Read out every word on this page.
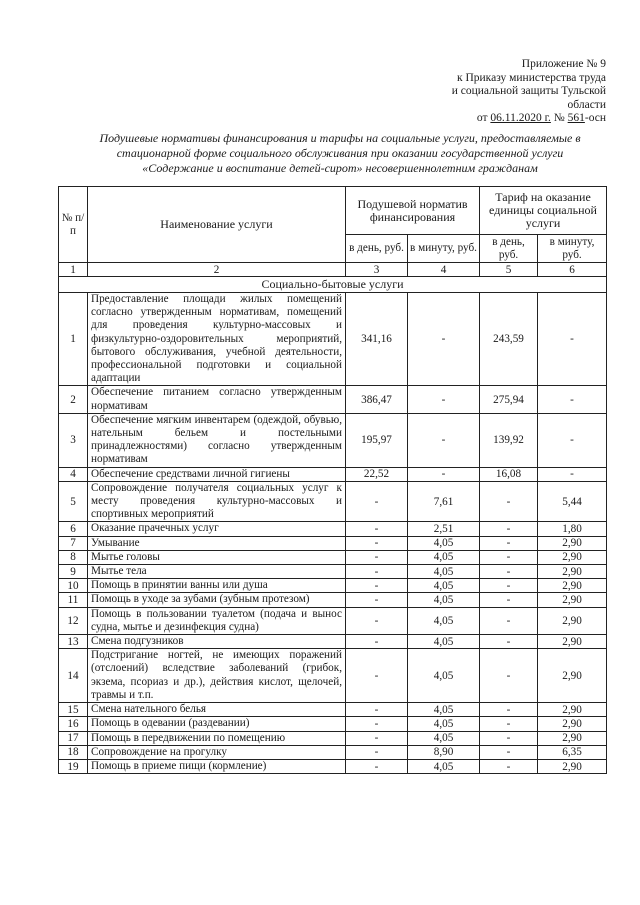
Приложение № 9
к Приказу министерства труда
и социальной защиты Тульской
области
от 06.11.2020 г. № 561-осн
Подушевые нормативы финансирования и тарифы на социальные услуги, предоставляемые в
стационарной форме социального обслуживания при оказании государственной услуги
«Содержание и воспитание детей-сирот» несовершеннолетним гражданам
№ п/п	Наименование услуги	Подушевой норматив финансирования		Тариф на оказание единицы социальной услуги	
		в день, руб.	в минуту, руб.	в день, руб.	в минуту, руб.
1	2	3	4	5	6
Социально-бытовые услуги					
1	Предоставление площади жилых помещений согласно утвержденным нормативам, помещений для проведения культурно-массовых и физкультурно-оздоровительных мероприятий, бытового обслуживания, учебной деятельности, профессиональной подготовки и социальной адаптации	341,16	-	243,59	-
2	Обеспечение питанием согласно утвержденным нормативам	386,47	-	275,94	-
3	Обеспечение мягким инвентарем (одеждой, обувью, нательным бельем и постельными принадлежностями) согласно утвержденным нормативам	195,97	-	139,92	-
4	Обеспечение средствами личной гигиены	22,52	-	16,08	-
5	Сопровождение получателя социальных услуг к месту проведения культурно-массовых и спортивных мероприятий	-	7,61	-	5,44
6	Оказание прачечных услуг	-	2,51	-	1,80
7	Умывание	-	4,05	-	2,90
8	Мытье головы	-	4,05	-	2,90
9	Мытье тела	-	4,05	-	2,90
10	Помощь в принятии ванны или душа	-	4,05	-	2,90
11	Помощь в уходе за зубами (зубным протезом)	-	4,05	-	2,90
12	Помощь в пользовании туалетом (подача и вынос судна, мытье и дезинфекция судна)	-	4,05	-	2,90
13	Смена подгузников	-	4,05	-	2,90
14	Подстригание ногтей, не имеющих поражений (отслоений) вследствие заболеваний (грибок, экзема, псориаз и др.), действия кислот, щелочей, травмы и т.п.	-	4,05	-	2,90
15	Смена нательного белья	-	4,05	-	2,90
16	Помощь в одевании (раздевании)	-	4,05	-	2,90
17	Помощь в передвижении по помещению	-	4,05	-	2,90
18	Сопровождение на прогулку	-	8,90	-	6,35
19	Помощь в приеме пищи (кормление)	-	4,05	-	2,90
